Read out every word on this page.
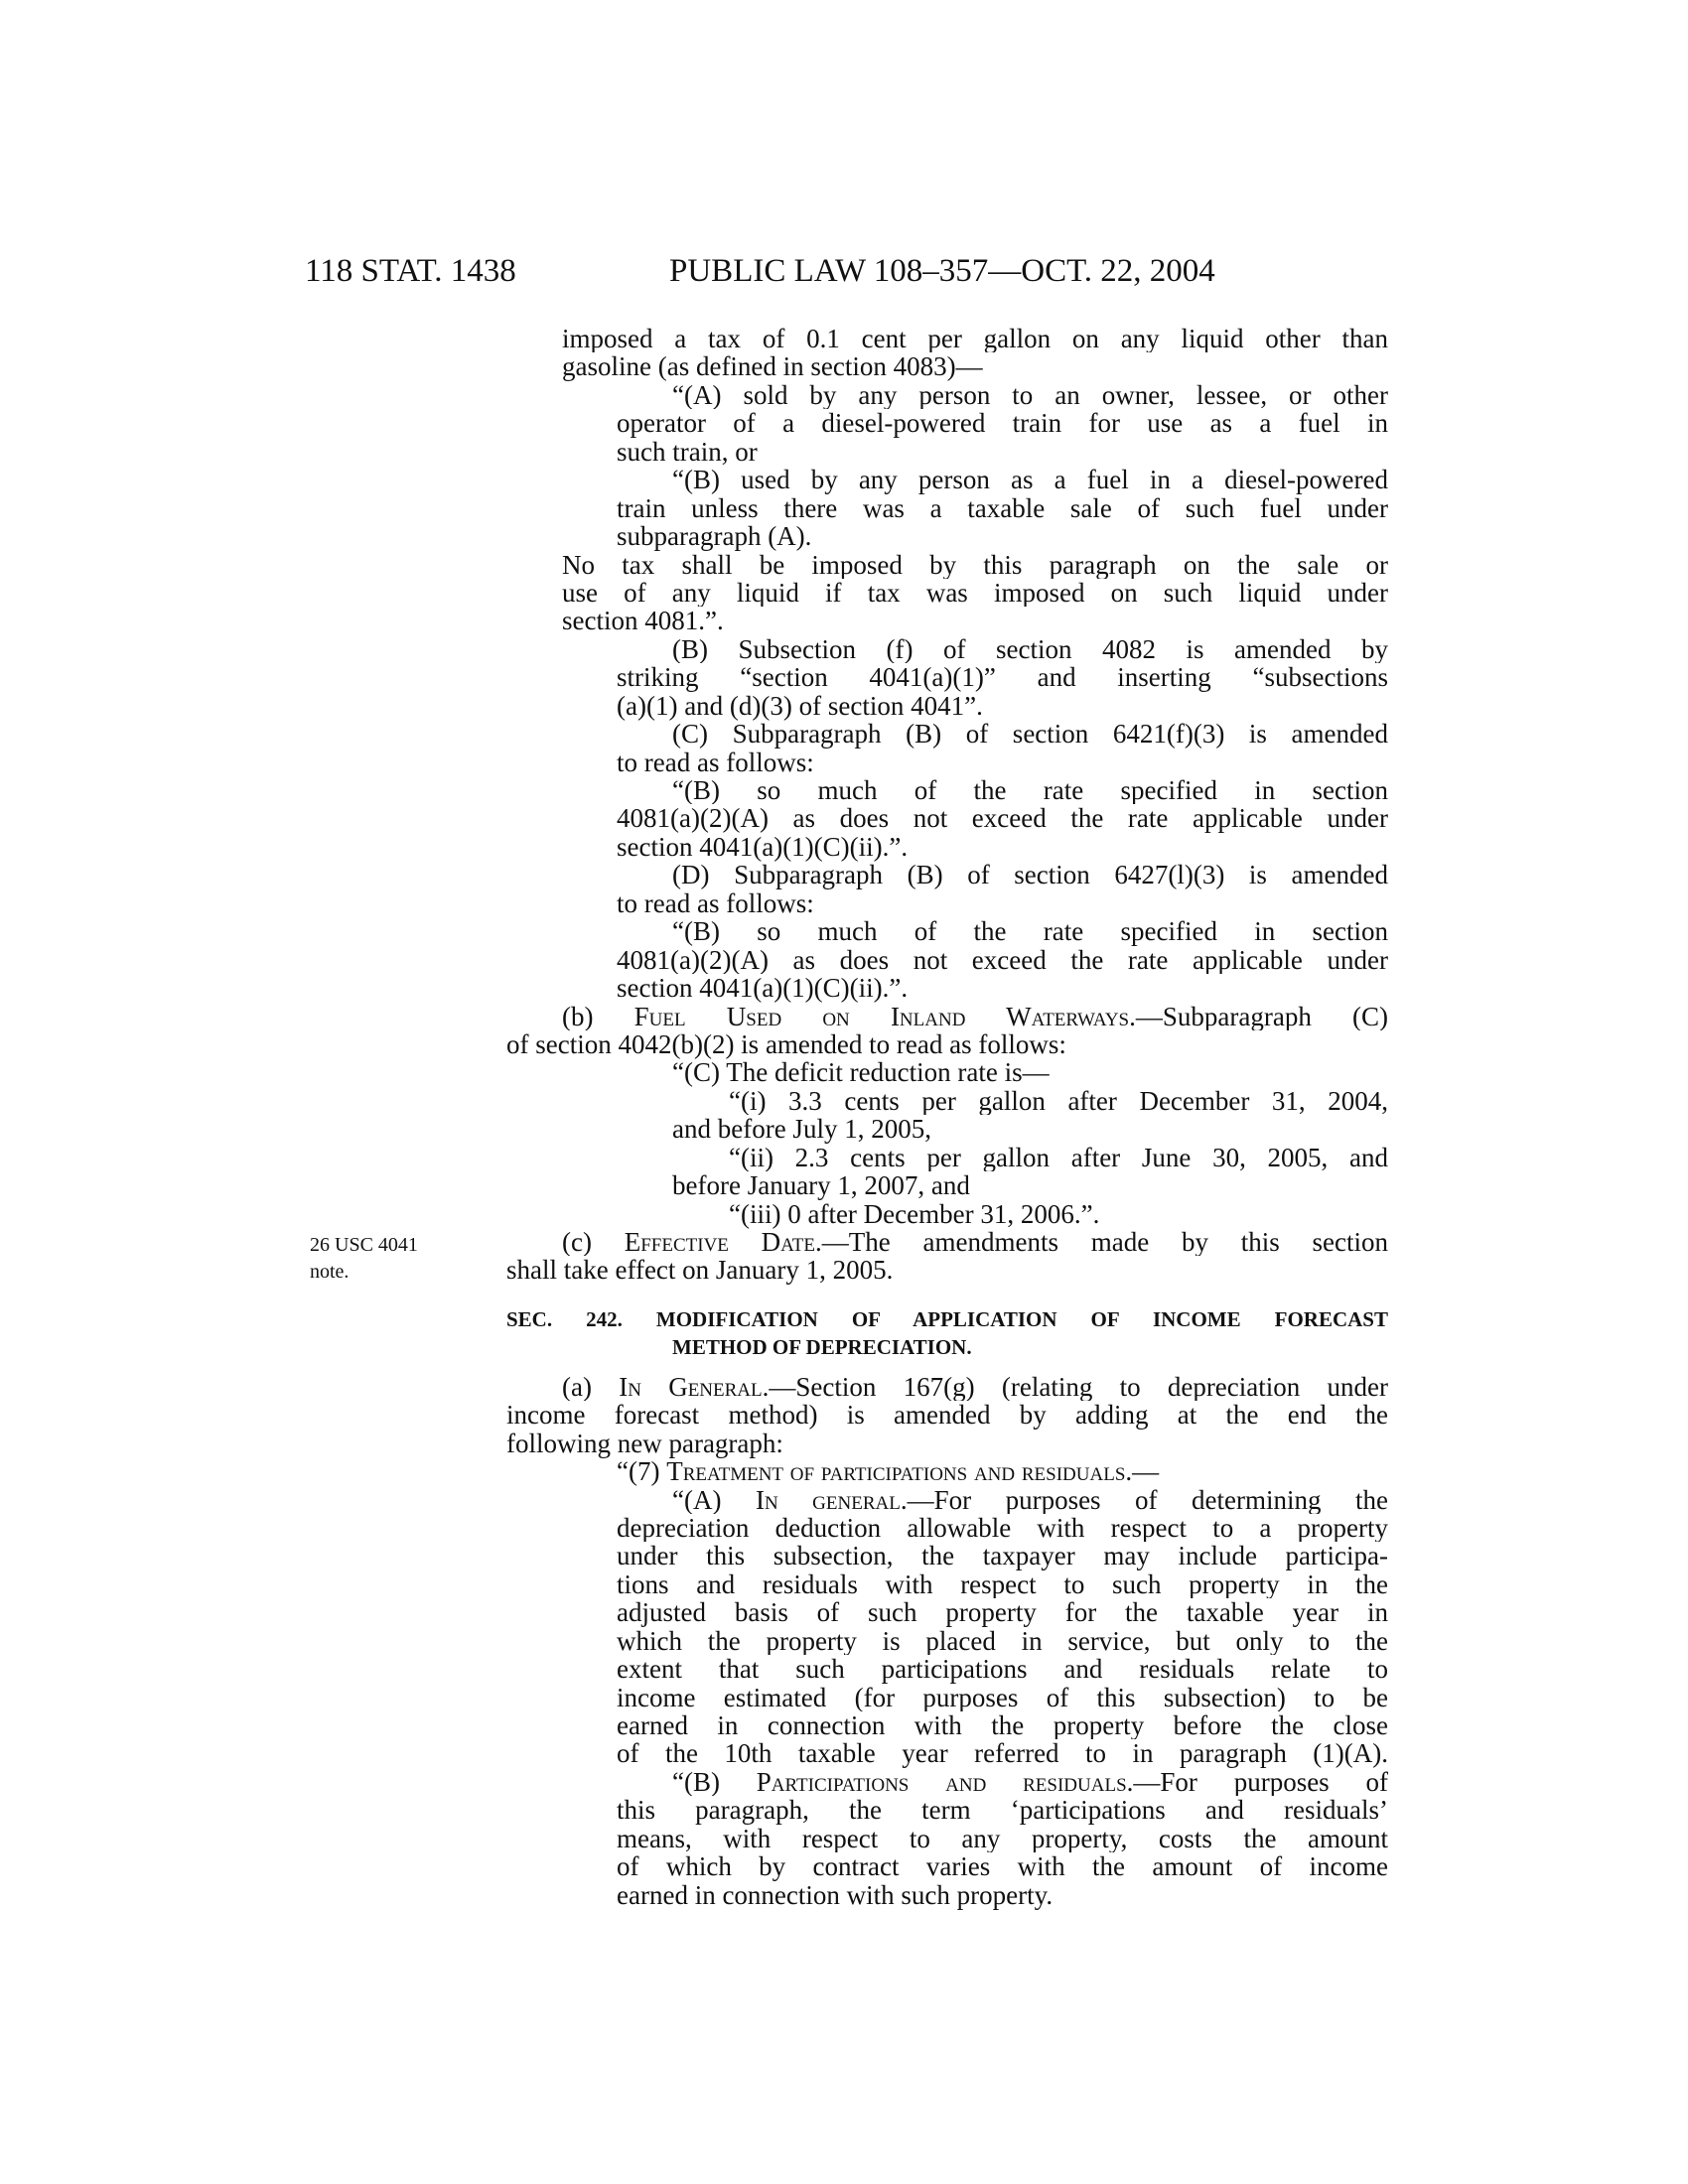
118 STAT. 1438	PUBLIC LAW 108–357—OCT. 22, 2004
26 USC 4041
note.
imposed a tax of 0.1 cent per gallon on any liquid other than
gasoline (as defined in section 4083)—
“(A) sold by any person to an owner, lessee, or other
operator of a diesel-powered train for use as a fuel in
such train, or
“(B) used by any person as a fuel in a diesel-powered
train unless there was a taxable sale of such fuel under
subparagraph (A).
No tax shall be imposed by this paragraph on the sale or
use of any liquid if tax was imposed on such liquid under
section 4081.”.
(B) Subsection (f) of section 4082 is amended by
striking “section 4041(a)(1)” and inserting “subsections
(a)(1) and (d)(3) of section 4041”.
(C) Subparagraph (B) of section 6421(f)(3) is amended
to read as follows:
“(B) so much of the rate specified in section
4081(a)(2)(A) as does not exceed the rate applicable under
section 4041(a)(1)(C)(ii).”.
(D) Subparagraph (B) of section 6427(l)(3) is amended
to read as follows:
“(B) so much of the rate specified in section
4081(a)(2)(A) as does not exceed the rate applicable under
section 4041(a)(1)(C)(ii).”.
(b) Fuel Used on Inland Waterways.—Subparagraph (C)
of section 4042(b)(2) is amended to read as follows:
“(C) The deficit reduction rate is—
“(i) 3.3 cents per gallon after December 31, 2004,
and before July 1, 2005,
“(ii) 2.3 cents per gallon after June 30, 2005, and
before January 1, 2007, and
“(iii) 0 after December 31, 2006.”.
(c) Effective Date.—The amendments made by this section
shall take effect on January 1, 2005.
SEC. 242. MODIFICATION OF APPLICATION OF INCOME FORECAST
METHOD OF DEPRECIATION.
(a) In General.—Section 167(g) (relating to depreciation under
income forecast method) is amended by adding at the end the
following new paragraph:
“(7) Treatment of participations and residuals.—
“(A) In general.—For purposes of determining the
depreciation deduction allowable with respect to a property
under this subsection, the taxpayer may include participa-
tions and residuals with respect to such property in the
adjusted basis of such property for the taxable year in
which the property is placed in service, but only to the
extent that such participations and residuals relate to
income estimated (for purposes of this subsection) to be
earned in connection with the property before the close
of the 10th taxable year referred to in paragraph (1)(A).
“(B) Participations and residuals.—For purposes of
this paragraph, the term ‘participations and residuals’
means, with respect to any property, costs the amount
of which by contract varies with the amount of income
earned in connection with such property.
